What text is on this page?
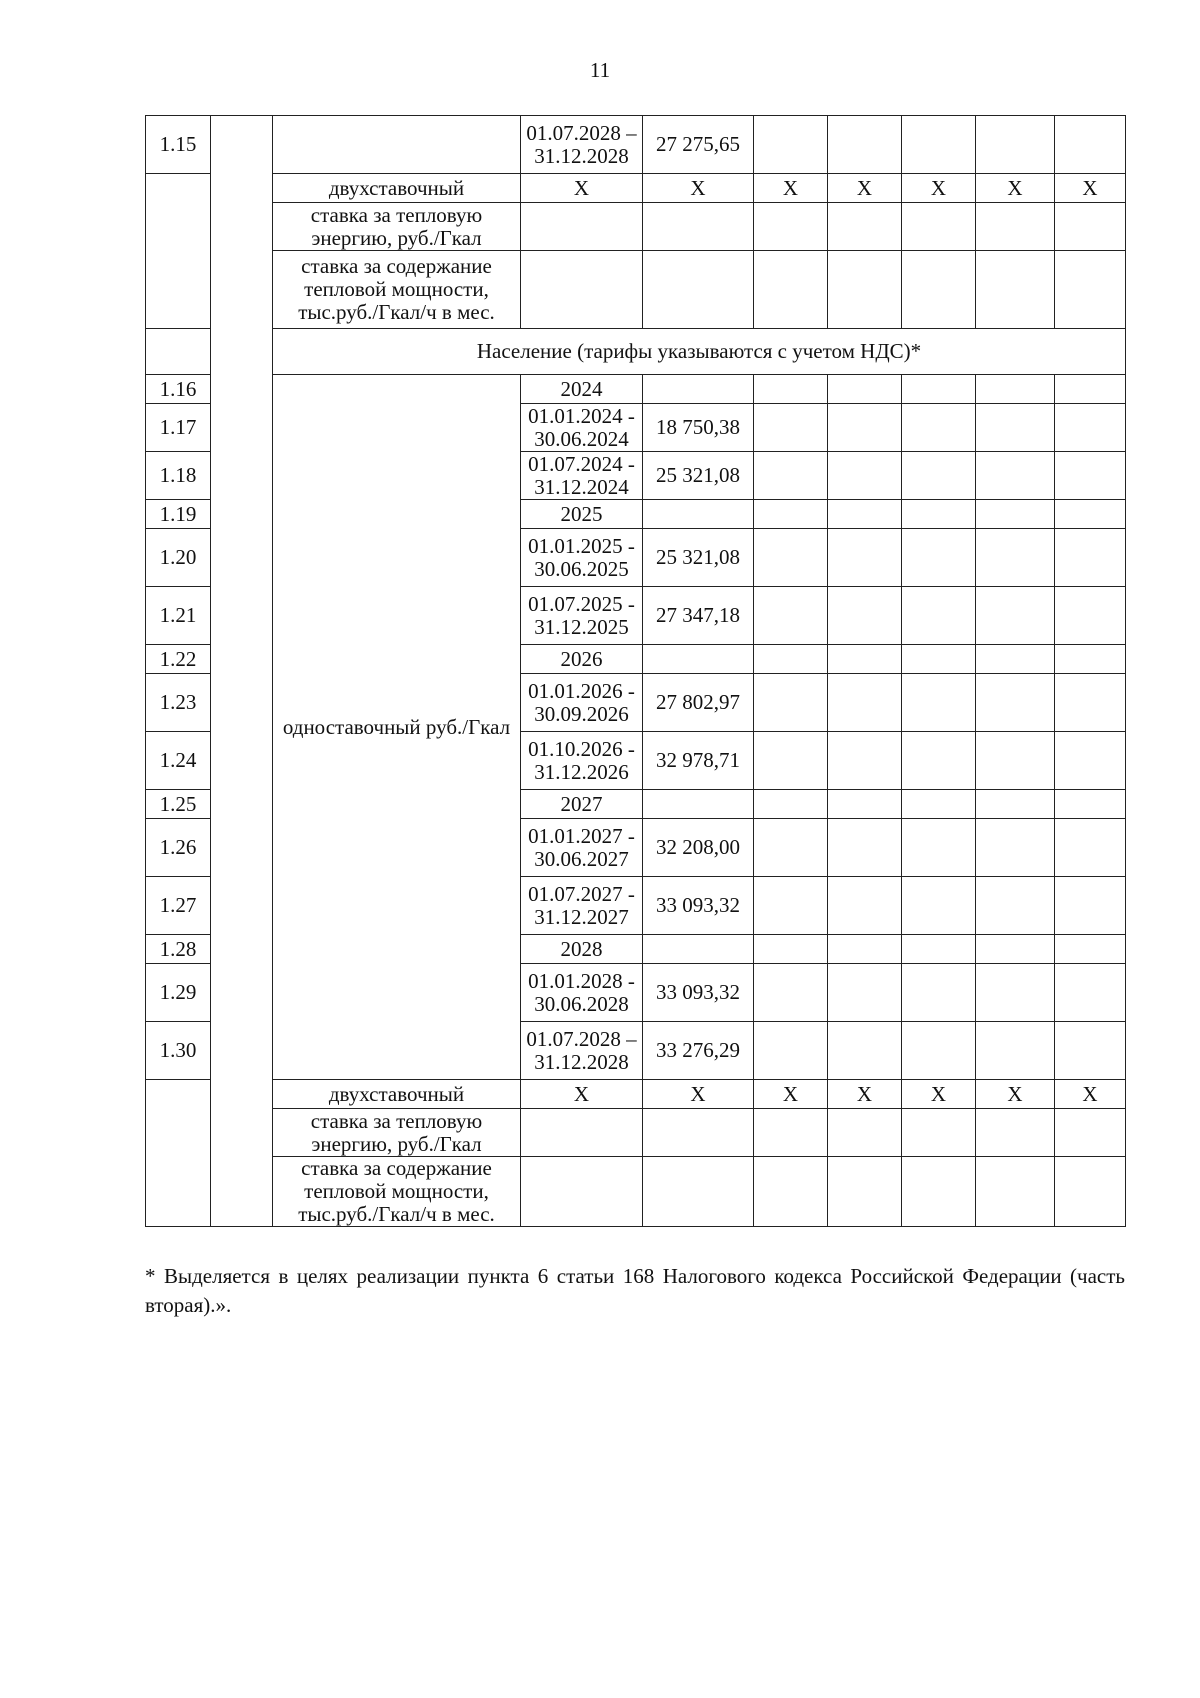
11
1.15			01.07.2028 – 31.12.2028	27 275,65					
		двухставочный	Х	Х	Х	Х	Х	Х	Х
		ставка за тепловую энергию, руб./Гкал							
		ставка за содержание тепловой мощности, тыс.руб./Гкал/ч в мес.							
		Население (тарифы указываются с учетом НДС)*							
1.16		одноставочный руб./Гкал	2024						
1.17			01.01.2024 - 30.06.2024	18 750,38					
1.18			01.07.2024 - 31.12.2024	25 321,08					
1.19			2025						
1.20			01.01.2025 - 30.06.2025	25 321,08					
1.21			01.07.2025 - 31.12.2025	27 347,18					
1.22			2026						
1.23			01.01.2026 - 30.09.2026	27 802,97					
1.24			01.10.2026 - 31.12.2026	32 978,71					
1.25			2027						
1.26			01.01.2027 - 30.06.2027	32 208,00					
1.27			01.07.2027 - 31.12.2027	33 093,32					
1.28			2028						
1.29			01.01.2028 - 30.06.2028	33 093,32					
1.30			01.07.2028 – 31.12.2028	33 276,29					
		двухставочный	Х	Х	Х	Х	Х	Х	Х
		ставка за тепловую энергию, руб./Гкал							
		ставка за содержание тепловой мощности, тыс.руб./Гкал/ч в мес.							
* Выделяется в целях реализации пункта 6 статьи 168 Налогового кодекса Российской Федерации (часть вторая).».
